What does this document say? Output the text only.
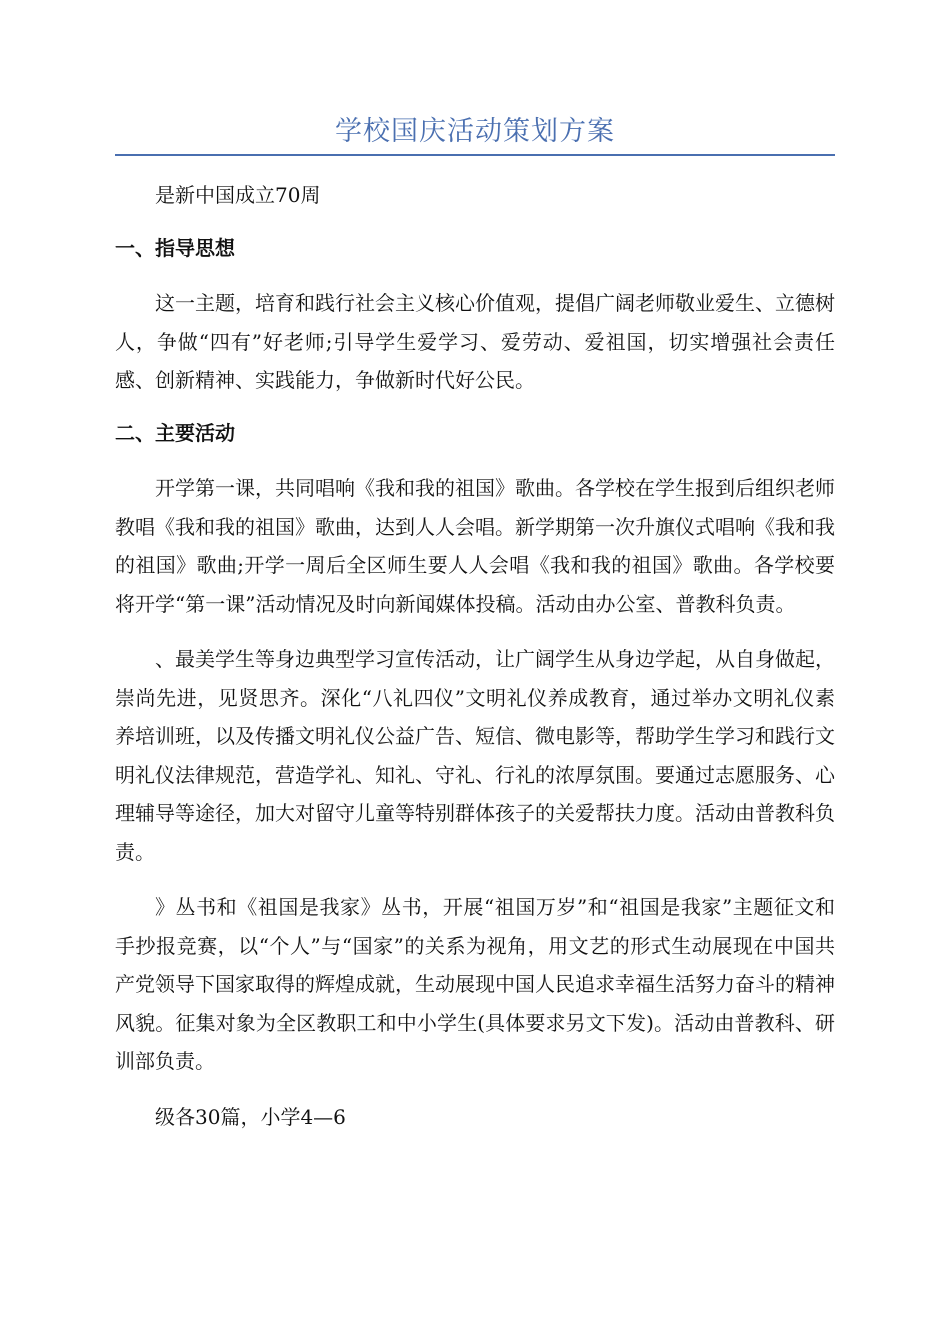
学校国庆活动策划方案

是新中国成立70周

一、指导思想

这一主题，培育和践行社会主义核心价值观，提倡广阔老师敬业爱生、立德树人，争做“四有”好老师;引导学生爱学习、爱劳动、爱祖国，切实增强社会责任感、创新精神、实践能力，争做新时代好公民。

二、主要活动

开学第一课，共同唱响《我和我的祖国》歌曲。各学校在学生报到后组织老师教唱《我和我的祖国》歌曲，达到人人会唱。新学期第一次升旗仪式唱响《我和我的祖国》歌曲;开学一周后全区师生要人人会唱《我和我的祖国》歌曲。各学校要将开学“第一课”活动情况及时向新闻媒体投稿。活动由办公室、普教科负责。

、最美学生等身边典型学习宣传活动，让广阔学生从身边学起，从自身做起，崇尚先进，见贤思齐。深化“八礼四仪”文明礼仪养成教育，通过举办文明礼仪素养培训班，以及传播文明礼仪公益广告、短信、微电影等，帮助学生学习和践行文明礼仪法律规范，营造学礼、知礼、守礼、行礼的浓厚氛围。要通过志愿服务、心理辅导等途径，加大对留守儿童等特别群体孩子的关爱帮扶力度。活动由普教科负责。

》丛书和《祖国是我家》丛书，开展“祖国万岁”和“祖国是我家”主题征文和手抄报竞赛，以“个人”与“国家”的关系为视角，用文艺的形式生动展现在中国共产党领导下国家取得的辉煌成就，生动展现中国人民追求幸福生活努力奋斗的精神风貌。征集对象为全区教职工和中小学生(具体要求另文下发)。活动由普教科、研训部负责。

级各30篇，小学4—6
